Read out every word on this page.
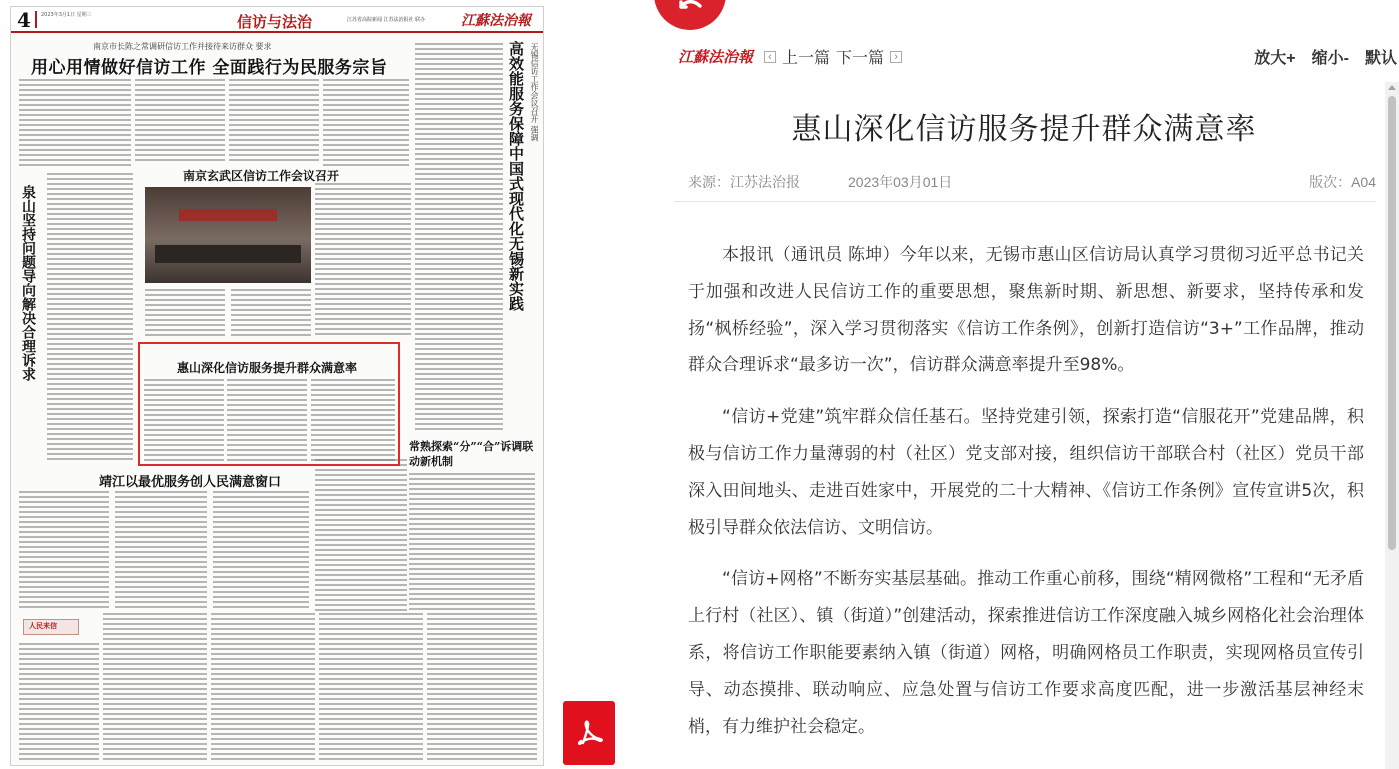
4 2023年3月1日 星期三	信访与法治	江苏省高院新闻 江苏法治报社 联办	江蘇法治報
南京市长陈之常调研信访工作并接待来访群众 要求
用心用情做好信访工作 全面践行为民服务宗旨	无锡信访工作会议召开 强调
高效能服务保障中国式现代化无锡新实践
泉山坚持问题导向解决合理诉求
南京玄武区信访工作会议召开
惠山深化信访服务提升群众满意率
常熟探索“分”“合”诉调联动新机制
靖江以最优服务创人民满意窗口
人民来信
江蘇法治報	‹ 上一篇 下一篇 ›	放大+ 缩小- 默认
惠山深化信访服务提升群众满意率
来源：江苏法治报	2023年03月01日	版次：A04

本报讯（通讯员 陈坤）今年以来，无锡市惠山区信访局认真学习贯彻习近平总书记关于加强和改进人民信访工作的重要思想，聚焦新时期、新思想、新要求，坚持传承和发扬“枫桥经验”，深入学习贯彻落实《信访工作条例》，创新打造信访“3+”工作品牌，推动群众合理诉求“最多访一次”，信访群众满意率提升至98%。

“信访+党建”筑牢群众信任基石。坚持党建引领，探索打造“信服花开”党建品牌，积极与信访工作力量薄弱的村（社区）党支部对接，组织信访干部联合村（社区）党员干部深入田间地头、走进百姓家中，开展党的二十大精神、《信访工作条例》宣传宣讲5次，积极引导群众依法信访、文明信访。

“信访+网格”不断夯实基层基础。推动工作重心前移，围绕“精网微格”工程和“无矛盾上行村（社区）、镇（街道）”创建活动，探索推进信访工作深度融入城乡网格化社会治理体系，将信访工作职能要素纳入镇（街道）网格，明确网格员工作职责，实现网格员宣传引导、动态摸排、联动响应、应急处置与信访工作要求高度匹配，进一步激活基层神经末梢，有力维护社会稳定。
